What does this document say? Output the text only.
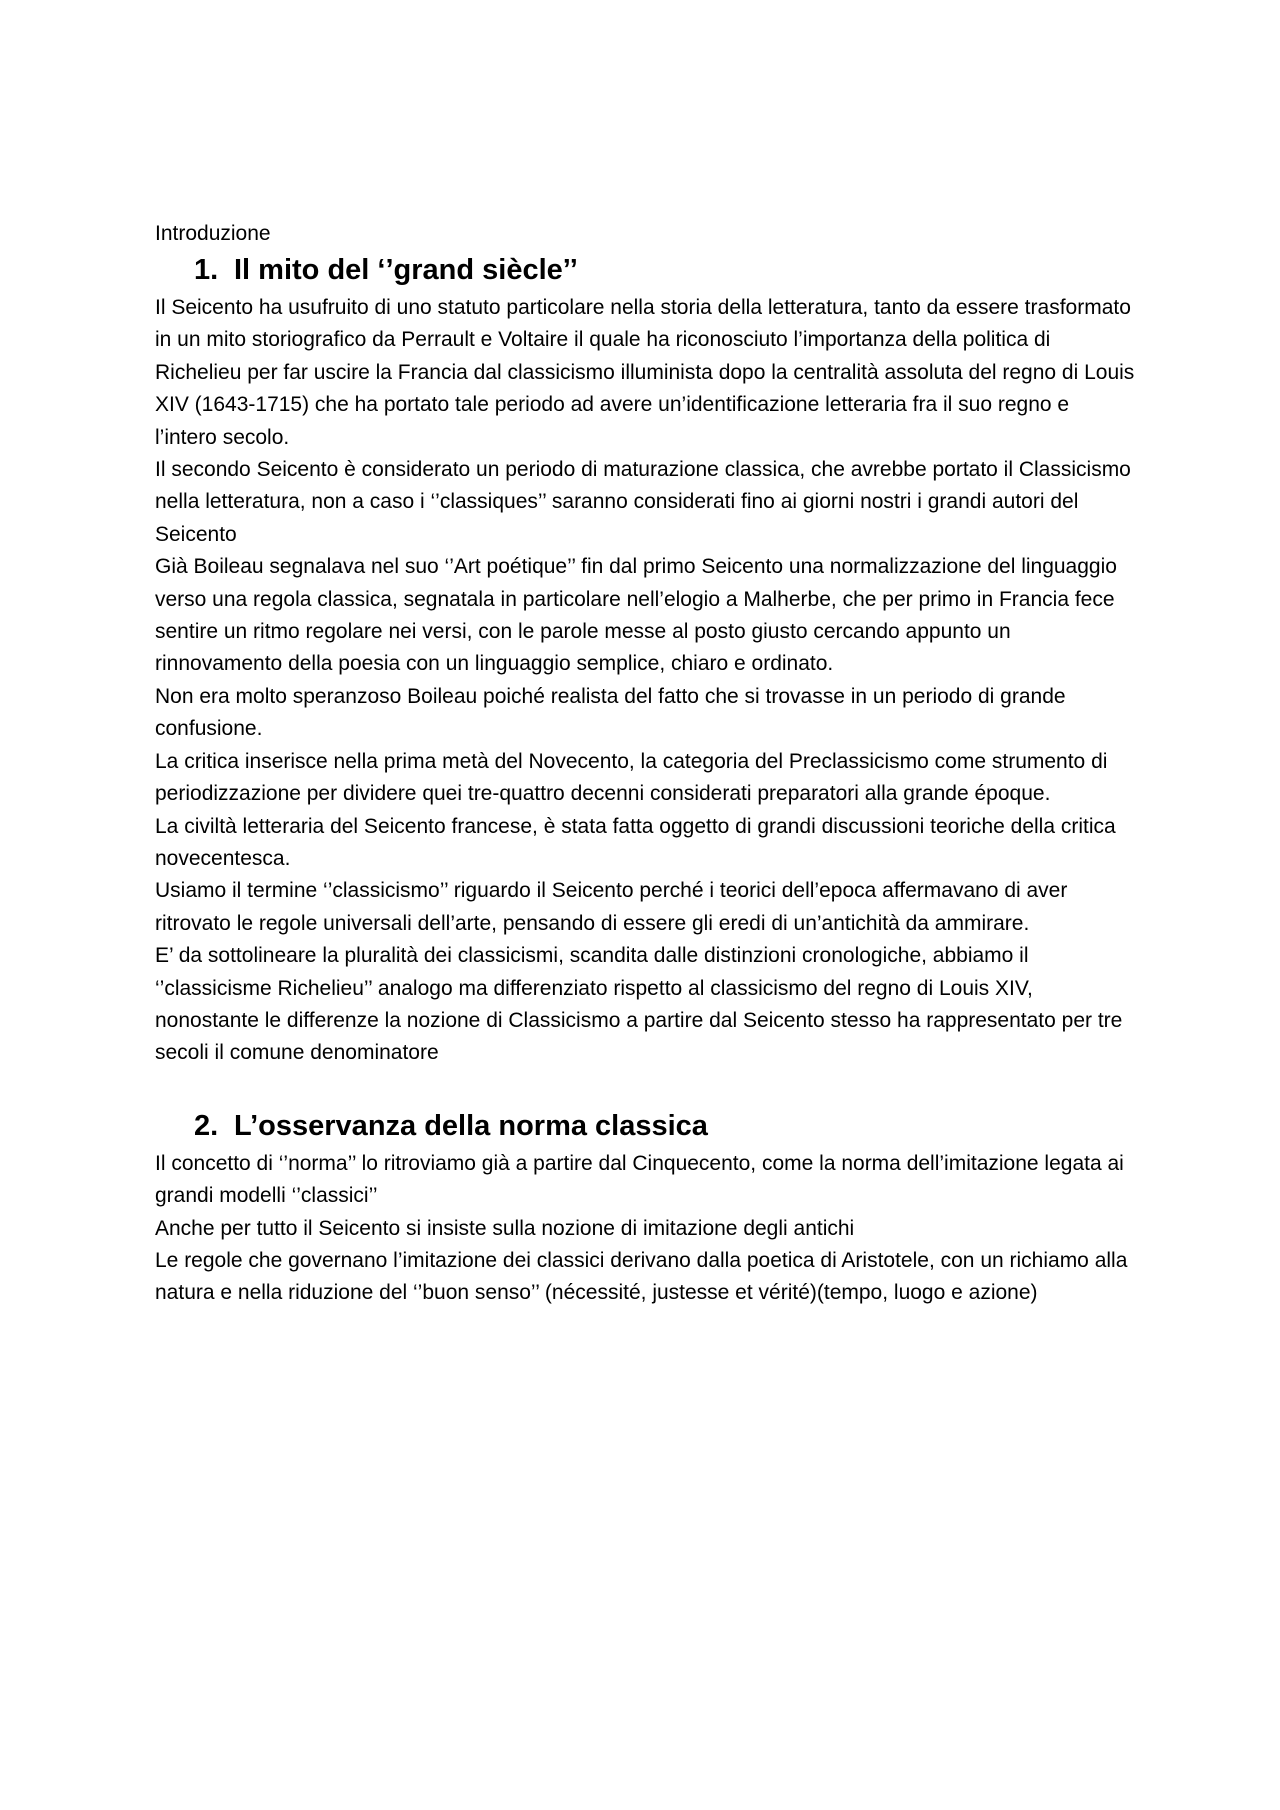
Introduzione

1. Il mito del ‘’grand siècle’’

Il Seicento ha usufruito di uno statuto particolare nella storia della letteratura, tanto da essere trasformato in un mito storiografico da Perrault e Voltaire il quale ha riconosciuto l’importanza della politica di Richelieu per far uscire la Francia dal classicismo illuminista dopo la centralità assoluta del regno di Louis XIV (1643-1715) che ha portato tale periodo ad avere un’identificazione letteraria fra il suo regno e l’intero secolo.

Il secondo Seicento è considerato un periodo di maturazione classica, che avrebbe portato il Classicismo nella letteratura, non a caso i ‘’classiques’’ saranno considerati fino ai giorni nostri i grandi autori del Seicento

Già Boileau segnalava nel suo ‘’Art poétique’’ fin dal primo Seicento una normalizzazione del linguaggio verso una regola classica, segnatala in particolare nell’elogio a Malherbe, che per primo in Francia fece sentire un ritmo regolare nei versi, con le parole messe al posto giusto cercando appunto un rinnovamento della poesia con un linguaggio semplice, chiaro e ordinato.

Non era molto speranzoso Boileau poiché realista del fatto che si trovasse in un periodo di grande confusione.

La critica inserisce nella prima metà del Novecento, la categoria del Preclassicismo come strumento di periodizzazione per dividere quei tre-quattro decenni considerati preparatori alla grande époque.

La civiltà letteraria del Seicento francese, è stata fatta oggetto di grandi discussioni teoriche della critica novecentesca.

Usiamo il termine ‘’classicismo’’ riguardo il Seicento perché i teorici dell’epoca affermavano di aver ritrovato le regole universali dell’arte, pensando di essere gli eredi di un’antichità da ammirare.

E’ da sottolineare la pluralità dei classicismi, scandita dalle distinzioni cronologiche, abbiamo il ‘’classicisme Richelieu’’ analogo ma differenziato rispetto al classicismo del regno di Louis XIV, nonostante le differenze la nozione di Classicismo a partire dal Seicento stesso ha rappresentato per tre secoli il comune denominatore

2. L’osservanza della norma classica

Il concetto di ‘’norma’’ lo ritroviamo già a partire dal Cinquecento, come la norma dell’imitazione legata ai grandi modelli ‘’classici’’

Anche per tutto il Seicento si insiste sulla nozione di imitazione degli antichi

Le regole che governano l’imitazione dei classici derivano dalla poetica di Aristotele, con un richiamo alla natura e nella riduzione del ‘’buon senso’’ (nécessité, justesse et vérité)(tempo, luogo e azione)
